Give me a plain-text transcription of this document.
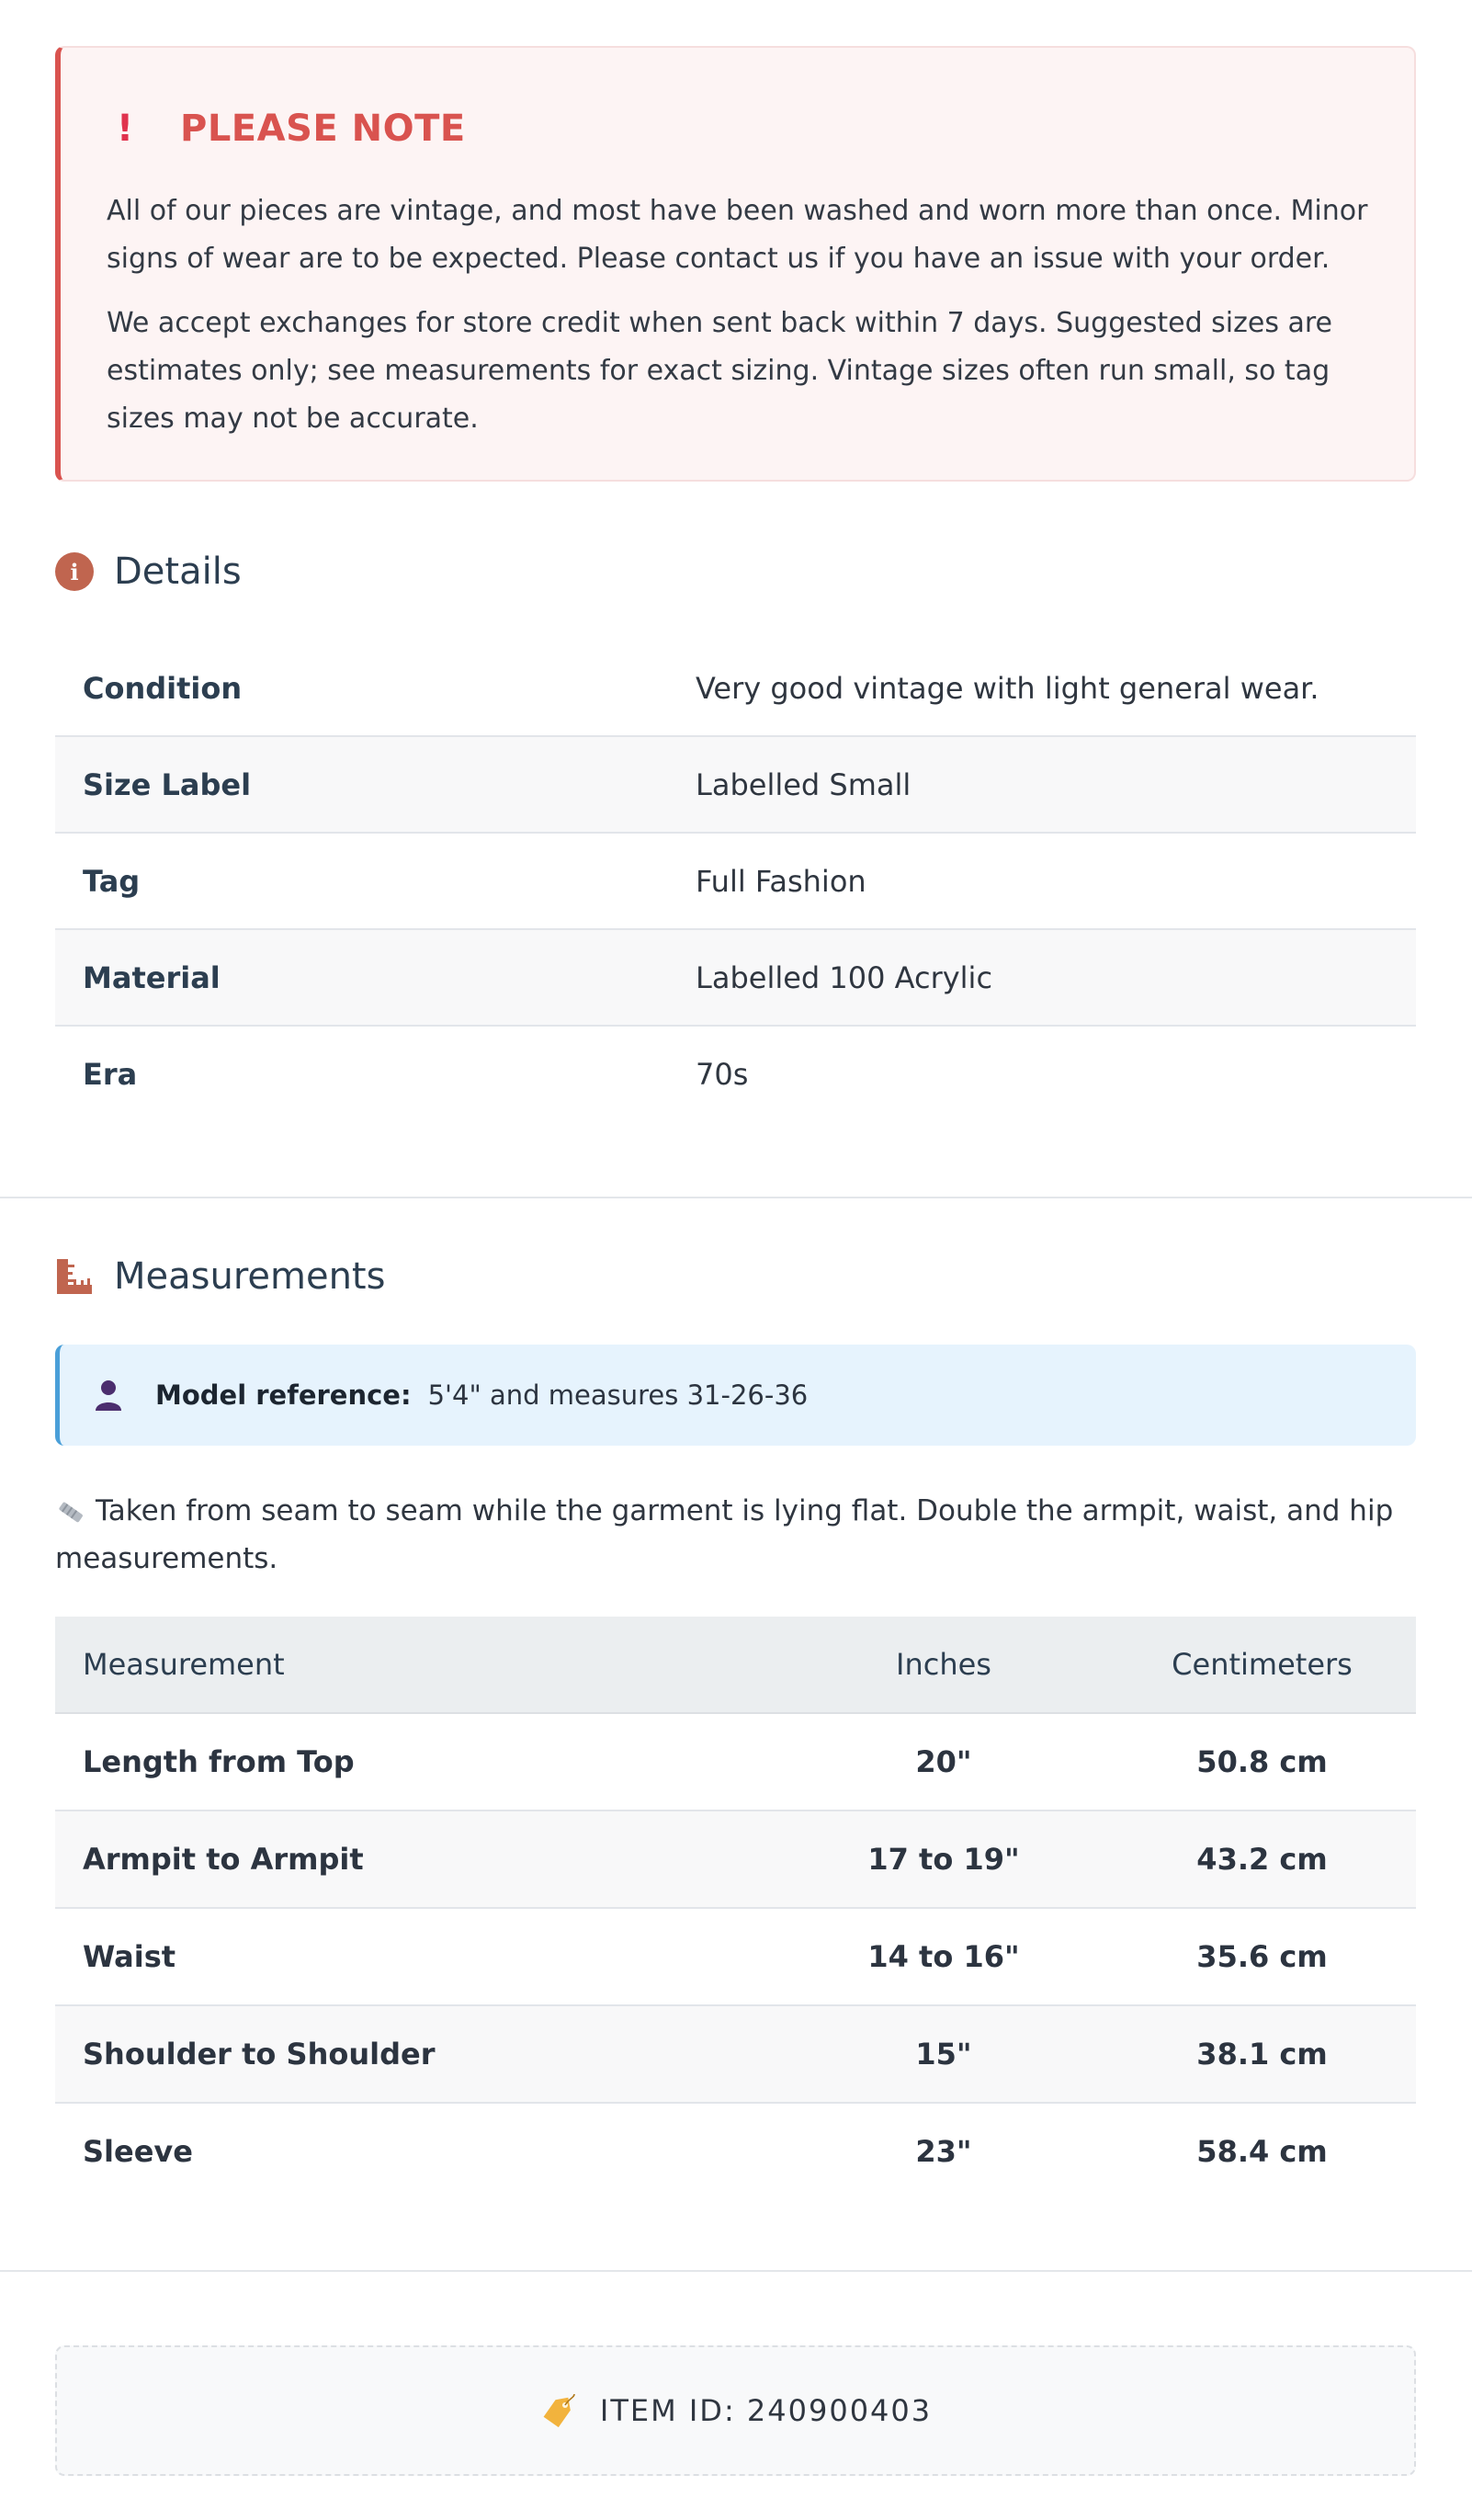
! PLEASE NOTE

All of our pieces are vintage, and most have been washed and worn more than once. Minor signs of wear are to be expected. Please contact us if you have an issue with your order.

We accept exchanges for store credit when sent back within 7 days. Suggested sizes are estimates only; see measurements for exact sizing. Vintage sizes often run small, so tag sizes may not be accurate.

i Details
Condition	Very good vintage with light general wear.
Size Label	Labelled Small
Tag	Full Fashion
Material	Labelled 100 Acrylic
Era	70s
Measurements
Model reference: 5'4" and measures 31-26-36
Taken from seam to seam while the garment is lying flat. Double the armpit, waist, and hip measurements.
Measurement	Inches	Centimeters
Length from Top	20"	50.8 cm
Armpit to Armpit	17 to 19"	43.2 cm
Waist	14 to 16"	35.6 cm
Shoulder to Shoulder	15"	38.1 cm
Sleeve	23"	58.4 cm
ITEM ID: 240900403
